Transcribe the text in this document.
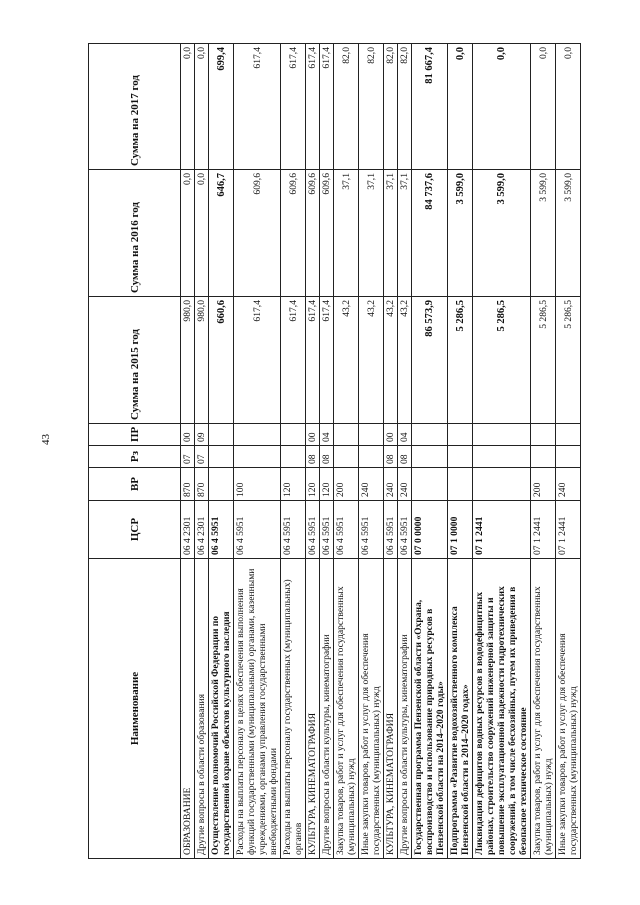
43
Наименование	ЦСР	ВР	Рз	ПР	Сумма на 2015 год	Сумма на 2016 год	Сумма на 2017 год
ОБРАЗОВАНИЕ	06 4 2301	870	07	00	980,0	0,0	0,0
Другие вопросы в области образования	06 4 2301	870	07	09	980,0	0,0	0,0
Осуществление полномочий Российской Федерации по государственной охране объектов культурного наследия	06 4 5951				660,6	646,7	699,4
Расходы на выплаты персоналу в целях обеспечения выполнения функций государственными (муниципальными) органами, казенными учреждениями, органами управления государственными внебюджетными фондами	06 4 5951	100			617,4	609,6	617,4
Расходы на выплаты персоналу государственных (муниципальных) органов	06 4 5951	120			617,4	609,6	617,4
КУЛЬТУРА, КИНЕМАТОГРАФИЯ	06 4 5951	120	08	00	617,4	609,6	617,4
Другие вопросы в области культуры, кинематографии	06 4 5951	120	08	04	617,4	609,6	617,4
Закупка товаров, работ и услуг для обеспечения государственных (муниципальных) нужд	06 4 5951	200			43,2	37,1	82,0
Иные закупки товаров, работ и услуг для обеспечения государственных (муниципальных) нужд	06 4 5951	240			43,2	37,1	82,0
КУЛЬТУРА, КИНЕМАТОГРАФИЯ	06 4 5951	240	08	00	43,2	37,1	82,0
Другие вопросы в области культуры, кинематографии	06 4 5951	240	08	04	43,2	37,1	82,0
Государственная программа Пензенской области «Охрана, воспроизводство и использование природных ресурсов в Пензенской области на 2014–2020 годы»	07 0 0000				86 573,9	84 737,6	81 667,4
Подпрограмма «Развитие водохозяйственного комплекса Пензенской области в 2014–2020 годах»	07 1 0000				5 286,5	3 599,0	0,0
Ликвидация дефицитов водных ресурсов в вододефицитных районах, строительство сооружений инженерной защиты и повышение эксплуатационной надежности гидротехнических сооружений, в том числе бесхозяйных, путем их приведения в безопасное техническое состояние	07 1 2441				5 286,5	3 599,0	0,0
Закупка товаров, работ и услуг для обеспечения государственных (муниципальных) нужд	07 1 2441	200			5 286,5	3 599,0	0,0
Иные закупки товаров, работ и услуг для обеспечения государственных (муниципальных) нужд	07 1 2441	240			5 286,5	3 599,0	0,0
